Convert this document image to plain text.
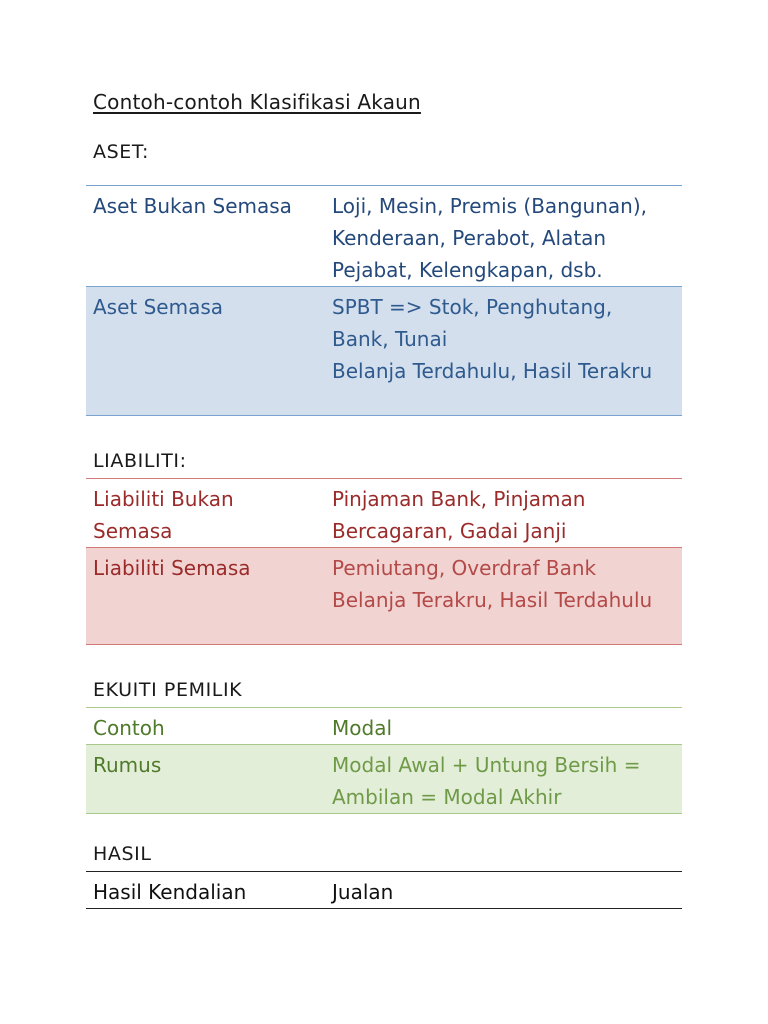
Contoh-contoh Klasifikasi Akaun
ASET:
Aset Bukan Semasa	Loji, Mesin, Premis (Bangunan), Kenderaan, Perabot, Alatan Pejabat, Kelengkapan, dsb.
Aset Semasa	SPBT => Stok, Penghutang, Bank, Tunai
Belanja Terdahulu, Hasil Terakru
LIABILITI:
Liabiliti Bukan Semasa	Pinjaman Bank, Pinjaman Bercagaran, Gadai Janji
Liabiliti Semasa	Pemiutang, Overdraf Bank
Belanja Terakru, Hasil Terdahulu
EKUITI PEMILIK
Contoh	Modal
Rumus	Modal Awal + Untung Bersih = Ambilan = Modal Akhir
HASIL
Hasil Kendalian	Jualan
